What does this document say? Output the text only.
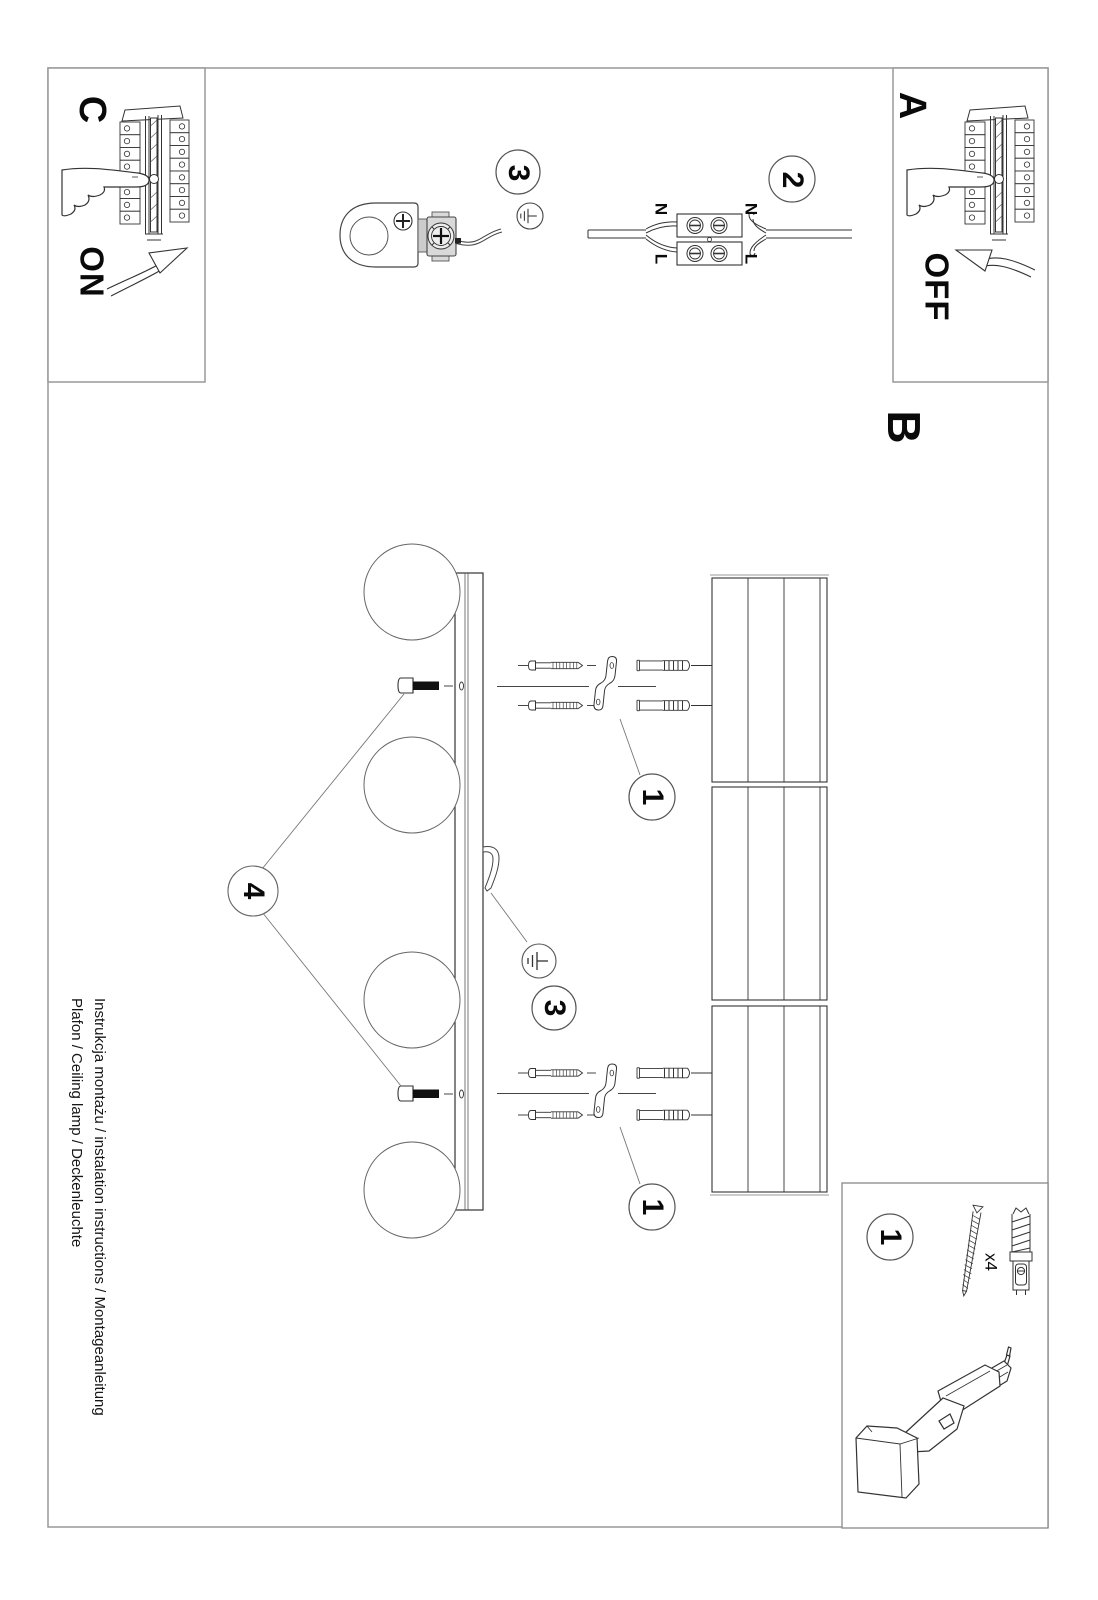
C
ON
A
OFF
B
2
3
3
4
1
1
1
N	N
L	L
x4
Instrukcja montażu / instalation instructions / Montageanleitung
Plafon / Ceiling lamp / Deckenleuchte
